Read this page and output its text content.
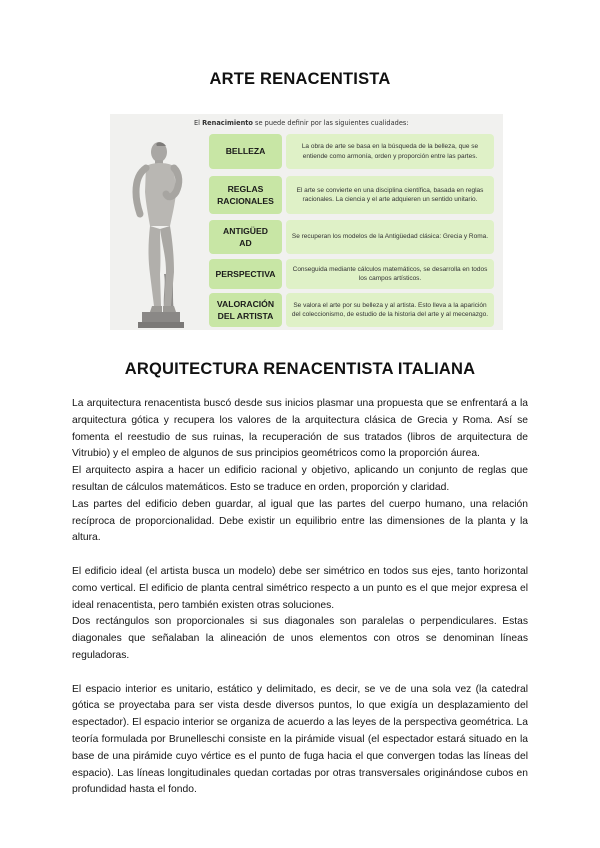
ARTE RENACENTISTA
El Renacimiento se puede definir por las siguientes cualidades:
BELLEZA	La obra de arte se basa en la búsqueda de la belleza, que se entiende como armonía, orden y proporción entre las partes.
REGLAS RACIONALES
El arte se convierte en una disciplina científica, basada en reglas racionales. La ciencia y el arte adquieren un sentido unitario.
ANTIGÜEDAD
Se recuperan los modelos de la Antigüedad clásica: Grecia y Roma.
PERSPECTIVA	Conseguida mediante cálculos matemáticos, se desarrolla en todos los campos artísticos.
VALORACIÓN DEL ARTISTA
Se valora el arte por su belleza y al artista. Esto lleva a la aparición del coleccionismo, de estudio de la historia del arte y al mecenazgo.
ARQUITECTURA RENACENTISTA ITALIANA

La arquitectura renacentista buscó desde sus inicios plasmar una propuesta que se enfrentará a la arquitectura gótica y recupera los valores de la arquitectura clásica de Grecia y Roma. Así se fomenta el reestudio de sus ruinas, la recuperación de sus tratados (libros de arquitectura de Vitrubio) y el empleo de algunos de sus principios geométricos como la proporción áurea.

El arquitecto aspira a hacer un edificio racional y objetivo, aplicando un conjunto de reglas que resultan de cálculos matemáticos. Esto se traduce en orden, proporción y claridad.

Las partes del edificio deben guardar, al igual que las partes del cuerpo humano, una relación recíproca de proporcionalidad. Debe existir un equilibrio entre las dimensiones de la planta y la altura.

El edificio ideal (el artista busca un modelo) debe ser simétrico en todos sus ejes, tanto horizontal como vertical. El edificio de planta central simétrico respecto a un punto es el que mejor expresa el ideal renacentista, pero también existen otras soluciones.

Dos rectángulos son proporcionales si sus diagonales son paralelas o perpendiculares. Estas diagonales que señalaban la alineación de unos elementos con otros se denominan líneas reguladoras.

El espacio interior es unitario, estático y delimitado, es decir, se ve de una sola vez (la catedral gótica se proyectaba para ser vista desde diversos puntos, lo que exigía un desplazamiento del espectador). El espacio interior se organiza de acuerdo a las leyes de la perspectiva geométrica. La teoría formulada por Brunelleschi consiste en la pirámide visual (el espectador estará situado en la base de una pirámide cuyo vértice es el punto de fuga hacia el que convergen todas las líneas del espacio). Las líneas longitudinales quedan cortadas por otras transversales originándose cubos en profundidad hasta el fondo.
